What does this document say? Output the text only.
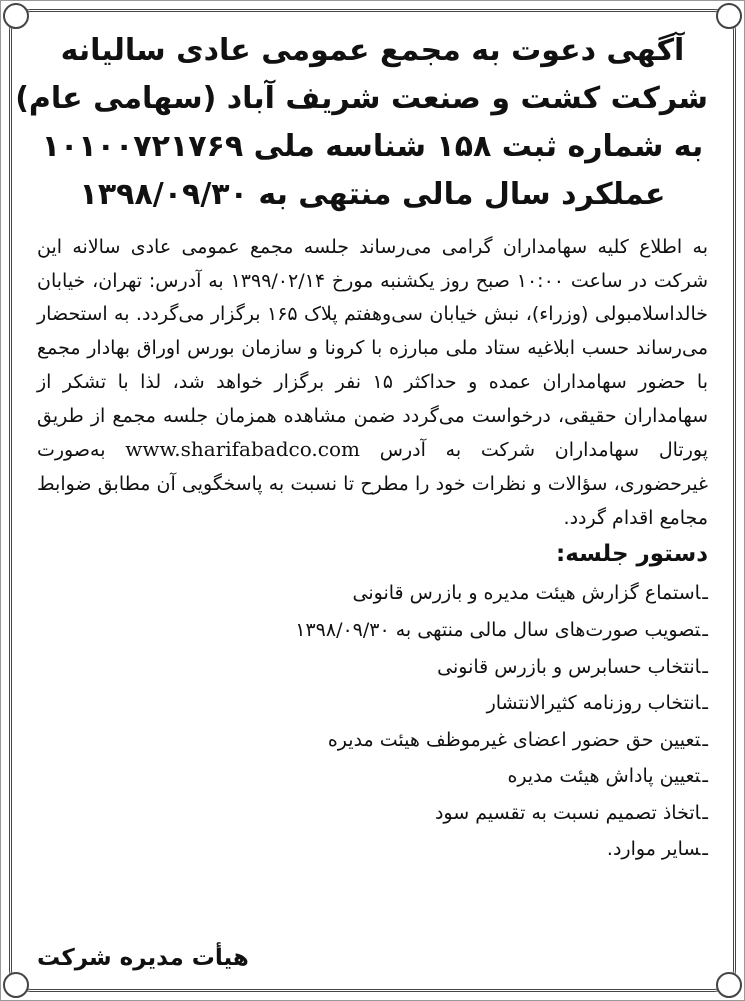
آگهی دعوت به مجمع عمومی عادی سالیانه
شرکت کشت و صنعت شریف آباد (سهامی عام)
به شماره ثبت ۱۵۸ شناسه ملی ۱۰۱۰۰۷۲۱۷۶۹
عملکرد سال مالی منتهی به ۱۳۹۸/۰۹/۳۰

به اطلاع کلیه سهامداران گرامی می‌رساند جلسه مجمع عمومی عادی سالانه این شرکت در ساعت ۱۰:۰۰ صبح روز یکشنبه مورخ ۱۳۹۹/۰۲/۱۴ به آدرس: تهران، خیابان خالداسلامبولی (وزراء)، نبش خیابان سی‌وهفتم پلاک ۱۶۵ برگزار می‌گردد. به استحضار می‌رساند حسب ابلاغیه ستاد ملی مبارزه با کرونا و سازمان بورس اوراق بهادار مجمع با حضور سهامداران عمده و حداکثر ۱۵ نفر برگزار خواهد شد، لذا با تشکر از سهامداران حقیقی، درخواست می‌گردد ضمن مشاهده همزمان جلسه مجمع از طریق پورتال سهامداران شرکت به آدرس www.sharifabadco.com به‌صورت غیرحضوری، سؤالات و نظرات خود را مطرح تا نسبت به پاسخگویی آن مطابق ضوابط مجامع اقدام گردد.

دستور جلسه:
ـاستماع گزارش هیئت مدیره و بازرس قانونی
ـتصویب صورت‌های سال مالی منتهی به ۱۳۹۸/۰۹/۳۰
ـانتخاب حسابرس و بازرس قانونی
ـانتخاب روزنامه کثیرالانتشار
ـتعیین حق حضور اعضای غیرموظف هیئت مدیره
ـتعیین پاداش هیئت مدیره
ـاتخاذ تصمیم نسبت به تقسیم سود
ـسایر موارد.
هیأت مدیره شرکت
